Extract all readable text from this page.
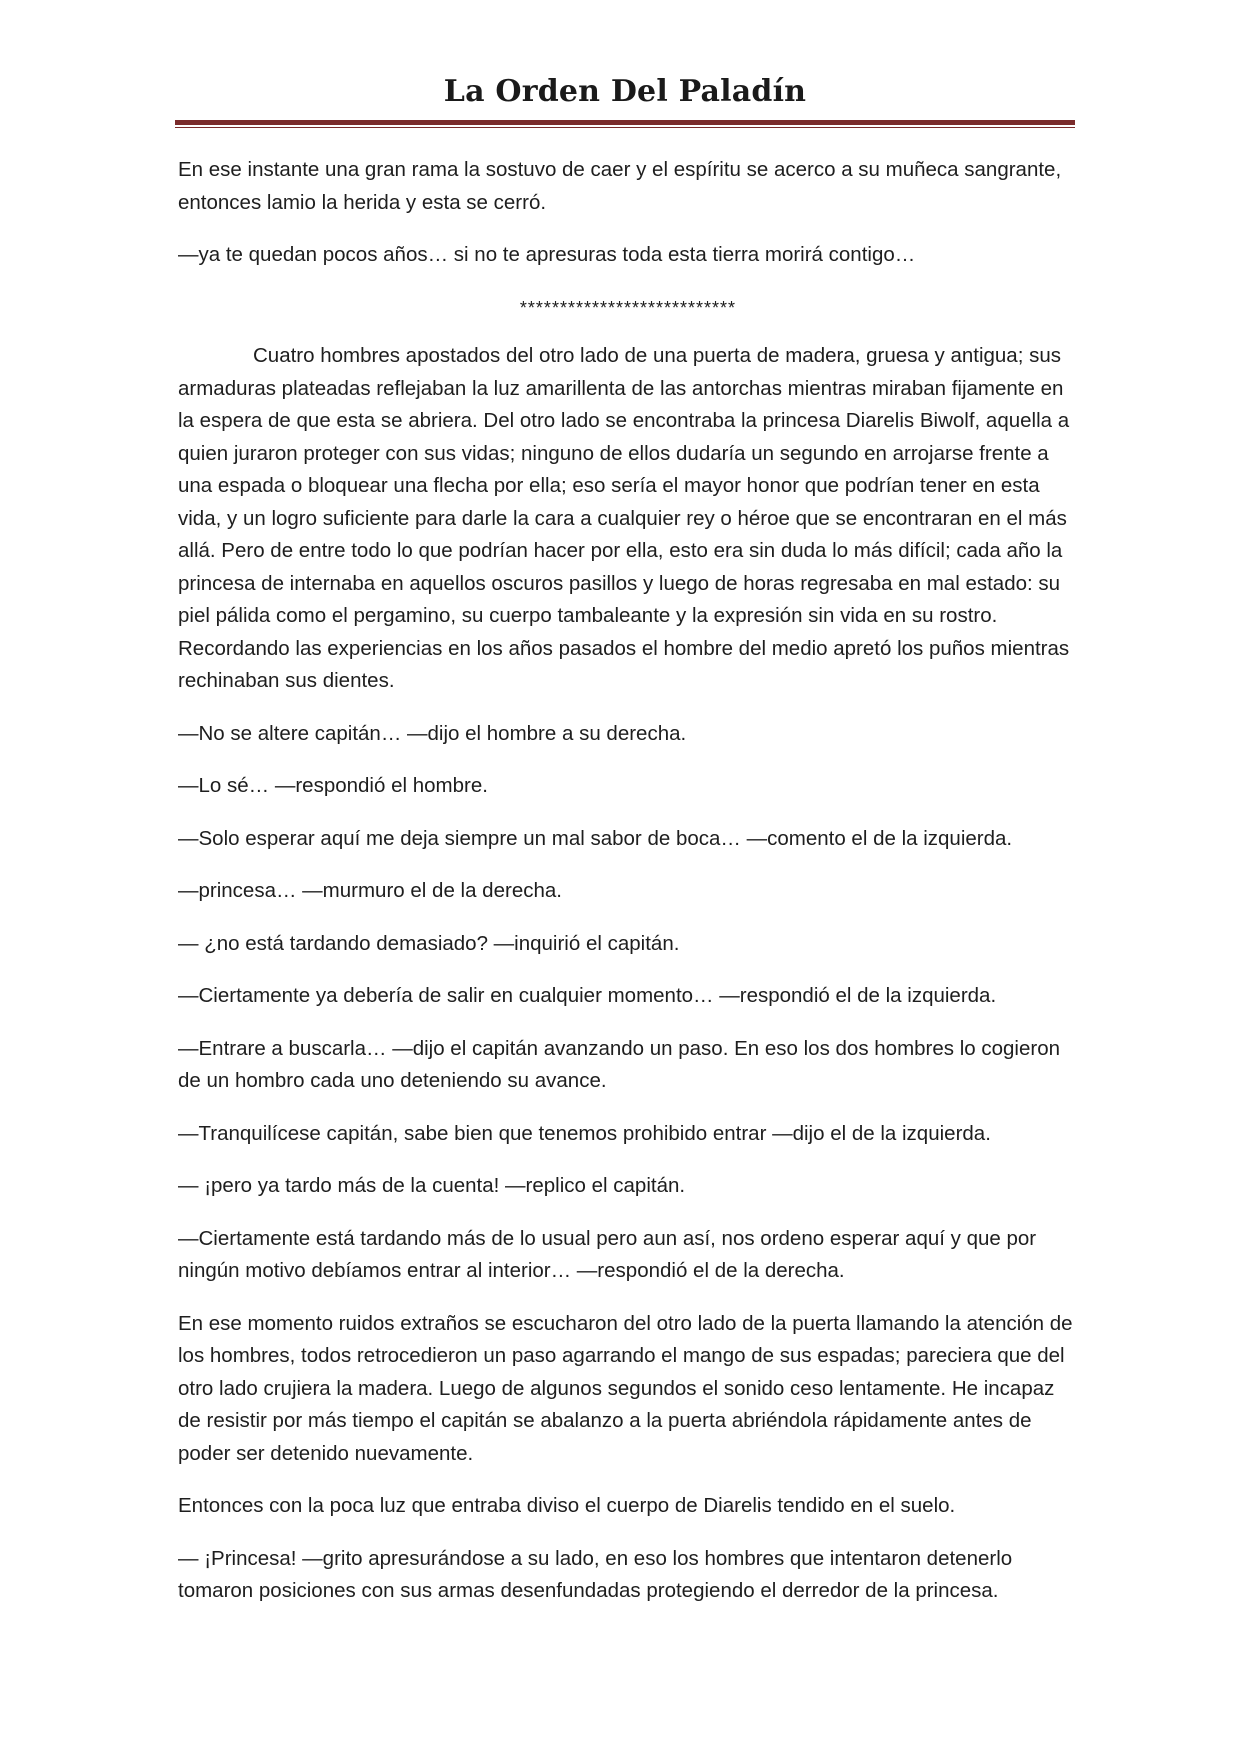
La Orden Del Paladín

En ese instante una gran rama la sostuvo de caer y el espíritu se acerco a su muñeca sangrante, entonces lamio la herida y esta se cerró.

—ya te quedan pocos años… si no te apresuras toda esta tierra morirá contigo…

***************************

Cuatro hombres apostados del otro lado de una puerta de madera, gruesa y antigua; sus armaduras plateadas reflejaban la luz amarillenta de las antorchas mientras miraban fijamente en la espera de que esta se abriera. Del otro lado se encontraba la princesa Diarelis Biwolf, aquella a quien juraron proteger con sus vidas; ninguno de ellos dudaría un segundo en arrojarse frente a una espada o bloquear una flecha por ella; eso sería el mayor honor que podrían tener en esta vida, y un logro suficiente para darle la cara a cualquier rey o héroe que se encontraran en el más allá. Pero de entre todo lo que podrían hacer por ella, esto era sin duda lo más difícil; cada año la princesa de internaba en aquellos oscuros pasillos y luego de horas regresaba en mal estado: su piel pálida como el pergamino, su cuerpo tambaleante y la expresión sin vida en su rostro. Recordando las experiencias en los años pasados el hombre del medio apretó los puños mientras rechinaban sus dientes.

—No se altere capitán… —dijo el hombre a su derecha.

—Lo sé… —respondió el hombre.

—Solo esperar aquí me deja siempre un mal sabor de boca… —comento el de la izquierda.

—princesa… —murmuro el de la derecha.

— ¿no está tardando demasiado? —inquirió el capitán.

—Ciertamente ya debería de salir en cualquier momento… —respondió el de la izquierda.

—Entrare a buscarla… —dijo el capitán avanzando un paso. En eso los dos hombres lo cogieron de un hombro cada uno deteniendo su avance.

—Tranquilícese capitán, sabe bien que tenemos prohibido entrar —dijo el de la izquierda.

— ¡pero ya tardo más de la cuenta! —replico el capitán.

—Ciertamente está tardando más de lo usual pero aun así, nos ordeno esperar aquí y que por ningún motivo debíamos entrar al interior… —respondió el de la derecha.

En ese momento ruidos extraños se escucharon del otro lado de la puerta llamando la atención de los hombres, todos retrocedieron un paso agarrando el mango de sus espadas; pareciera que del otro lado crujiera la madera. Luego de algunos segundos el sonido ceso lentamente. He incapaz de resistir por más tiempo el capitán se abalanzo a la puerta abriéndola rápidamente antes de poder ser detenido nuevamente.

Entonces con la poca luz que entraba diviso el cuerpo de Diarelis tendido en el suelo.

— ¡Princesa! —grito apresurándose a su lado, en eso los hombres que intentaron detenerlo tomaron posiciones con sus armas desenfundadas protegiendo el derredor de la princesa.
